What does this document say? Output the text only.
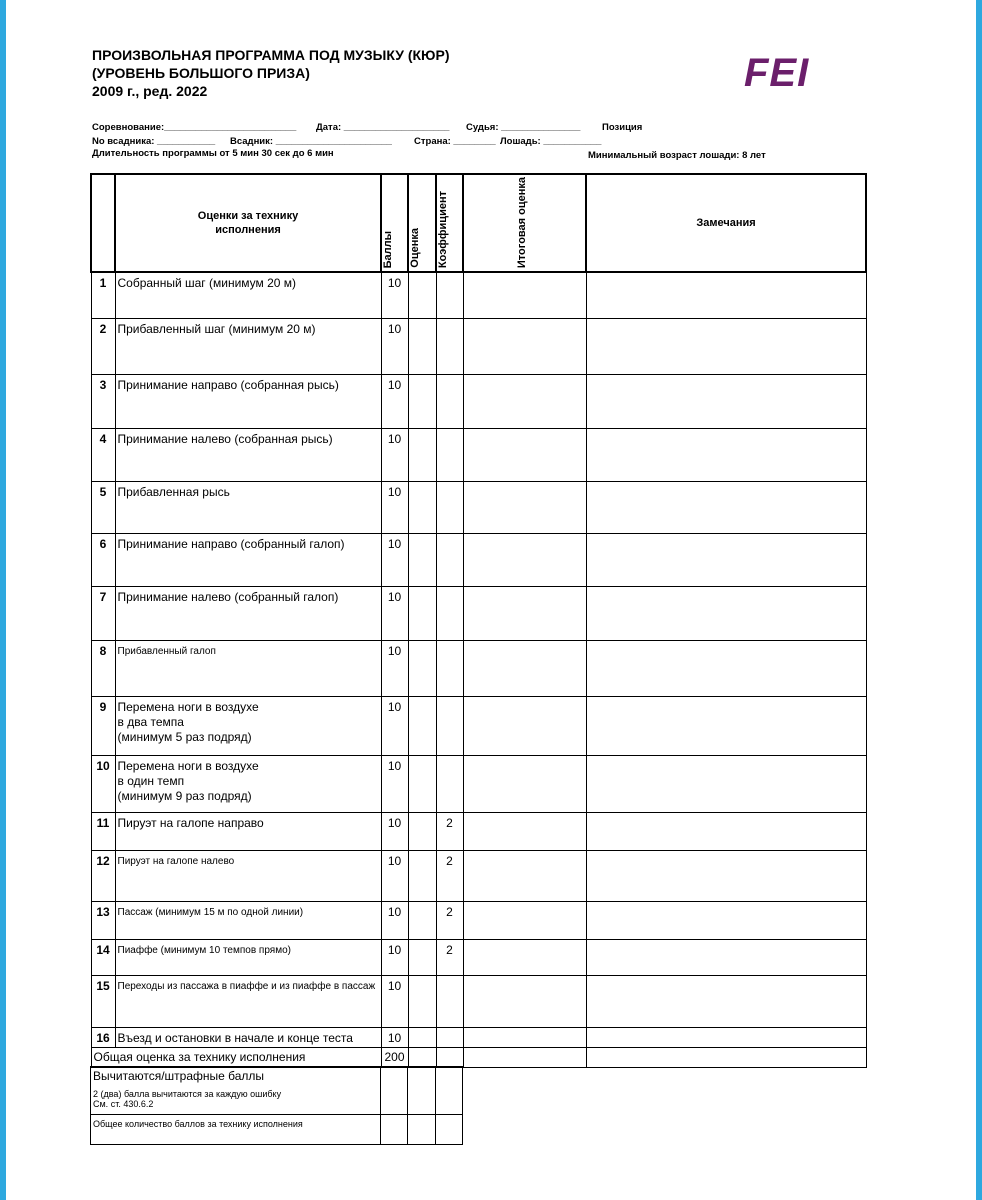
ПРОИЗВОЛЬНАЯ ПРОГРАММА ПОД МУЗЫКУ (КЮР)
(УРОВЕНЬ БОЛЬШОГО ПРИЗА)
2009 г., ред. 2022	FEI
Соревнование:_________________________ Дата: ____________________ Судья: _______________ Позиция
No всадника: ___________ Всадник: ______________________ Страна: ________ Лошадь: ___________
Длительность программы от 5 мин 30 сек до 6 мин	Минимальный возраст лошади: 8 лет

	Оценки за технику исполнения	Баллы	Оценка	Коэффициент	Итоговая оценка	Замечания
1	Собранный шаг (минимум 20 м)	10				
2	Прибавленный шаг (минимум 20 м)	10				
3	Принимание направо (собранная рысь)	10				
4	Принимание налево (собранная рысь)	10				
5	Прибавленная рысь	10				
6	Принимание направо (собранный галоп)	10				
7	Принимание налево (собранный галоп)	10				
8	Прибавленный галоп	10				
9	Перемена ноги в воздухе
в два темпа
(минимум 5 раз подряд)	10				
10	Перемена ноги в воздухе
в один темп
(минимум 9 раз подряд)	10				
11	Пируэт на галопе направо	10		2		
12	Пируэт на галопе налево	10		2		
13	Пассаж (минимум 15 м по одной линии)	10		2		
14	Пиаффе (минимум 10 темпов прямо)	10		2		
15	Переходы из пассажа в пиаффе и из пиаффе в пассаж	10				
16	Въезд и остановки в начале и конце теста	10				
Общая оценка за технику исполнения		200				
Вычитаются/штрафные баллы
2 (два) балла вычитаются за каждую ошибку
См. ст. 430.6.2			

Общее количество баллов за технику исполнения			
